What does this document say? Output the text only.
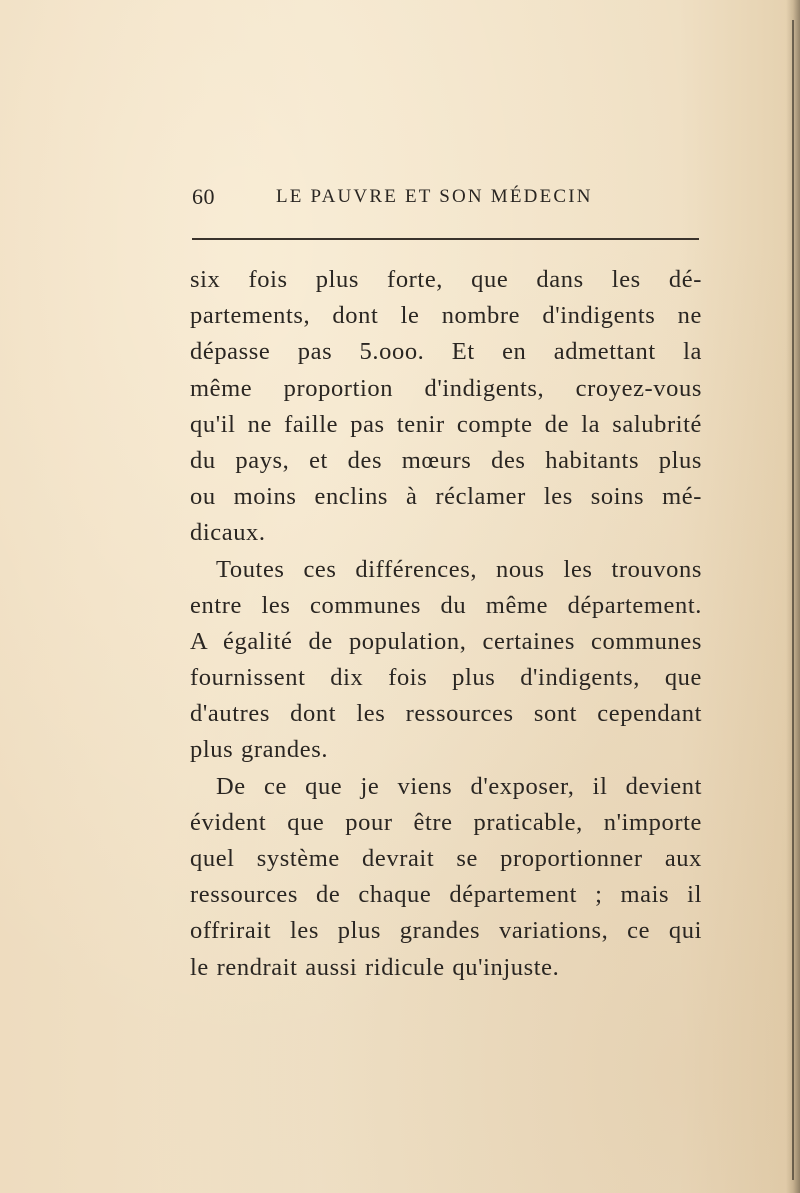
60	LE PAUVRE ET SON MÉDECIN
six fois plus forte, que dans les dé-
partements, dont le nombre d'indigents ne
dépasse pas 5.ooo. Et en admettant la
même proportion d'indigents, croyez-vous
qu'il ne faille pas tenir compte de la salubrité
du pays, et des mœurs des habitants plus
ou moins enclins à réclamer les soins mé-
dicaux.
Toutes ces différences, nous les trouvons
entre les communes du même département.
A égalité de population, certaines communes
fournissent dix fois plus d'indigents, que
d'autres dont les ressources sont cependant
plus grandes.
De ce que je viens d'exposer, il devient
évident que pour être praticable, n'importe
quel système devrait se proportionner aux
ressources de chaque département ; mais il
offrirait les plus grandes variations, ce qui
le rendrait aussi ridicule qu'injuste.
